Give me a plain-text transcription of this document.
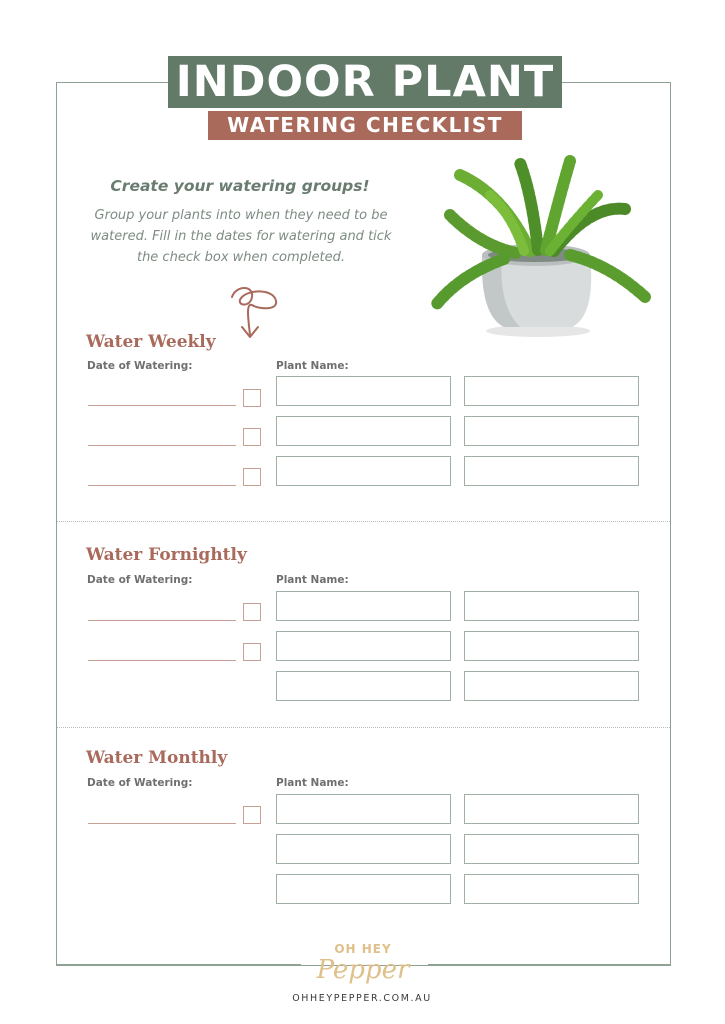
INDOOR PLANT
WATERING CHECKLIST
Create your watering groups!
Group your plants into when they need to be watered. Fill in the dates for watering and tick the check box when completed.
Water Weekly
Date of Watering:	Plant Name:
Water Fornightly
Date of Watering:	Plant Name:
Water Monthly
Date of Watering:	Plant Name:
OH HEY
Pepper
OHHEYPEPPER.COM.AU
